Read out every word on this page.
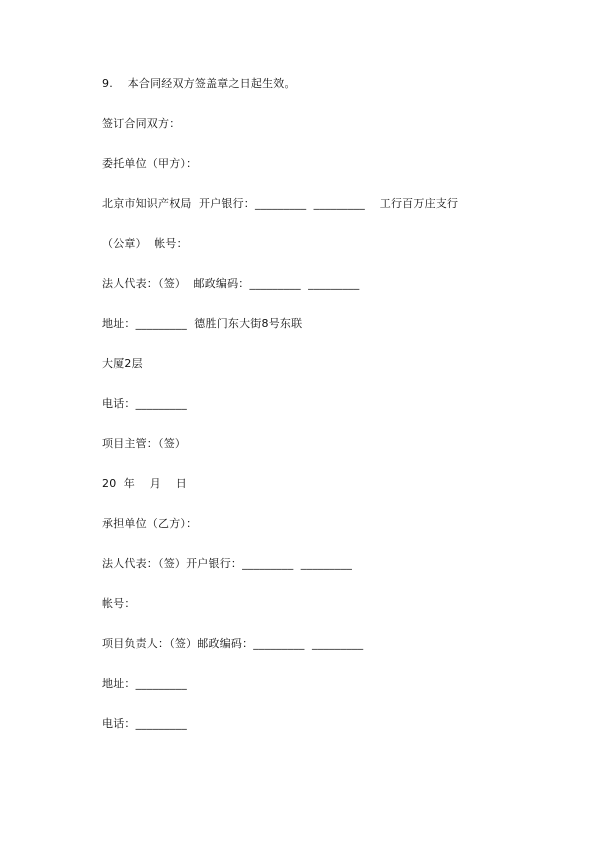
9.    本合同经双方签盖章之日起生效。
签订合同双方：
委托单位（甲方）：
北京市知识产权局  开户银行：_________  _________    工行百万庄支行
（公章）  帐号：
法人代表：（签）  邮政编码：_________  _________
地址：_________  德胜门东大街8号东联
大厦2层
电话：_________
项目主管：（签）
20  年    月    日
承担单位（乙方）：
法人代表：（签）开户银行：_________  _________
帐号：
项目负责人：（签）邮政编码：_________  _________
地址：_________
电话：_________
